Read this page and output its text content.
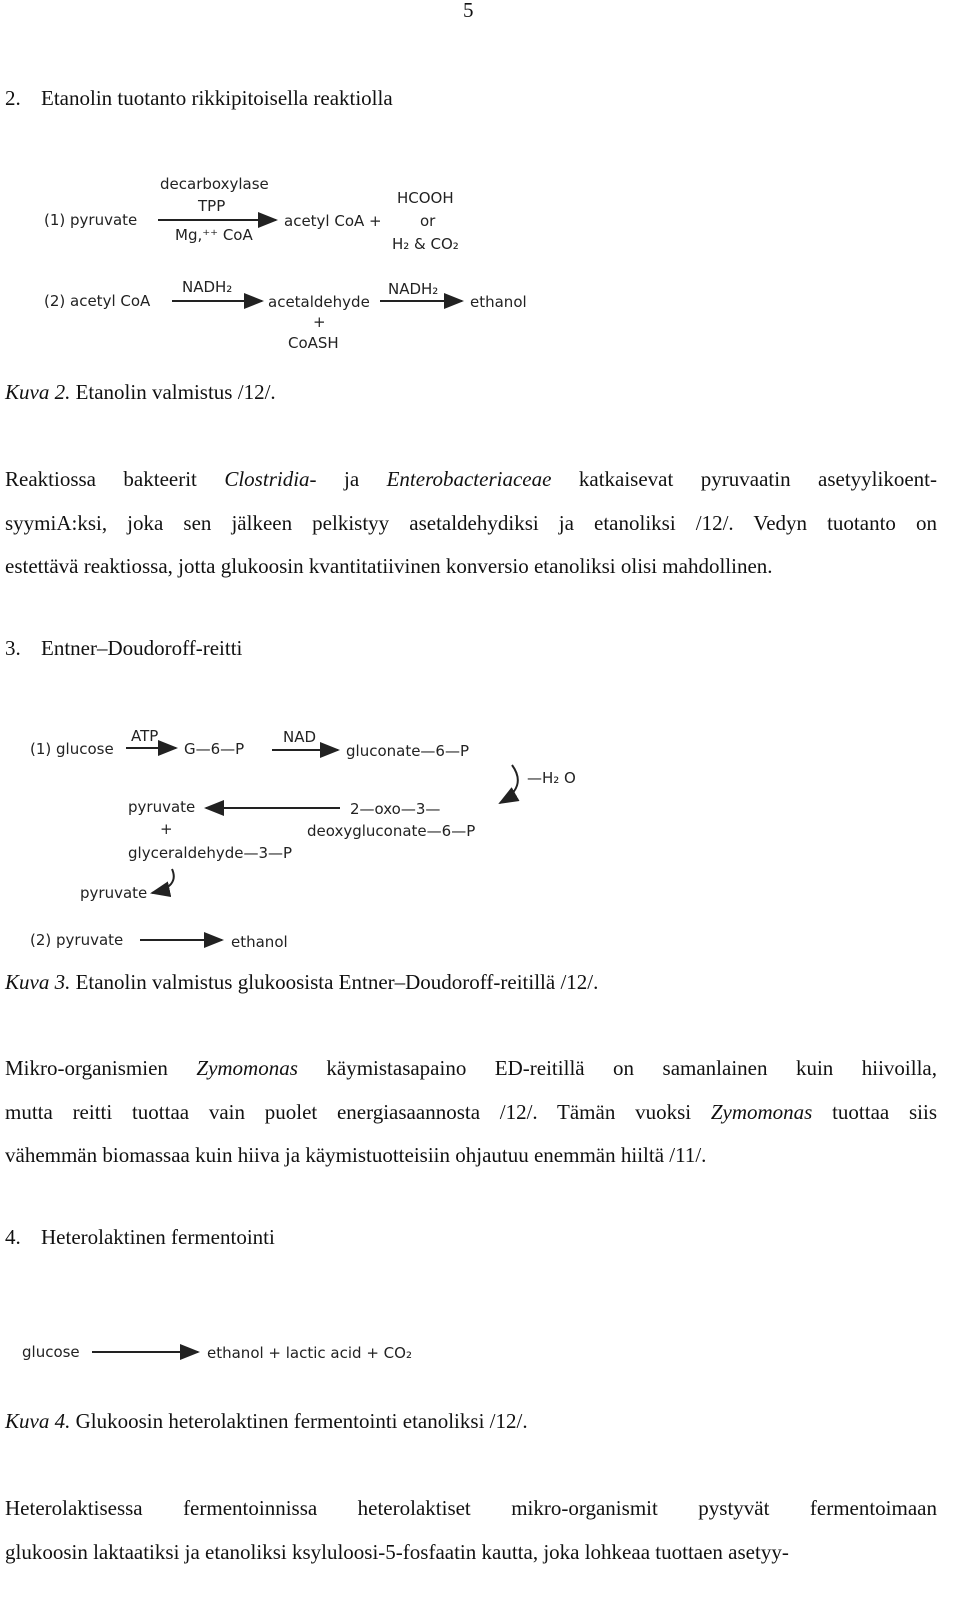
5
2. Etanolin tuotanto rikkipitoisella reaktiolla
decarboxylase
TPP
(1) pyruvate
Mg,⁺⁺ CoA
acetyl CoA +
HCOOH
or
H₂ & CO₂
NADH₂
(2) acetyl CoA	acetaldehyde
+
CoASH
NADH₂
ethanol
Kuva 2. Etanolin valmistus /12/.
Reaktiossa bakteerit Clostridia- ja Enterobacteriaceae katkaisevat pyruvaatin asetyylikoent-
syymiA:ksi, joka sen jälkeen pelkistyy asetaldehydiksi ja etanoliksi /12/. Vedyn tuotanto on
estettävä reaktiossa, jotta glukoosin kvantitatiivinen konversio etanoliksi olisi mahdollinen.
3. Entner–Doudoroff-reitti
ATP
(1) glucose	G—6—P
NAD
gluconate—6—P
—H₂ O
pyruvate	2—oxo—3—
+	deoxygluconate—6—P
glyceraldehyde—3—P
pyruvate
(2) pyruvate	ethanol
Kuva 3. Etanolin valmistus glukoosista Entner–Doudoroff-reitillä /12/.
Mikro-organismien Zymomonas käymistasapaino ED-reitillä on samanlainen kuin hiivoilla,
mutta reitti tuottaa vain puolet energiasaannosta /12/. Tämän vuoksi Zymomonas tuottaa siis
vähemmän biomassaa kuin hiiva ja käymistuotteisiin ohjautuu enemmän hiiltä /11/.
4. Heterolaktinen fermentointi
glucose	ethanol + lactic acid + CO₂
Kuva 4. Glukoosin heterolaktinen fermentointi etanoliksi /12/.
Heterolaktisessa fermentoinnissa heterolaktiset mikro-organismit pystyvät fermentoimaan
glukoosin laktaatiksi ja etanoliksi ksyluloosi-5-fosfaatin kautta, joka lohkeaa tuottaen asetyy-
